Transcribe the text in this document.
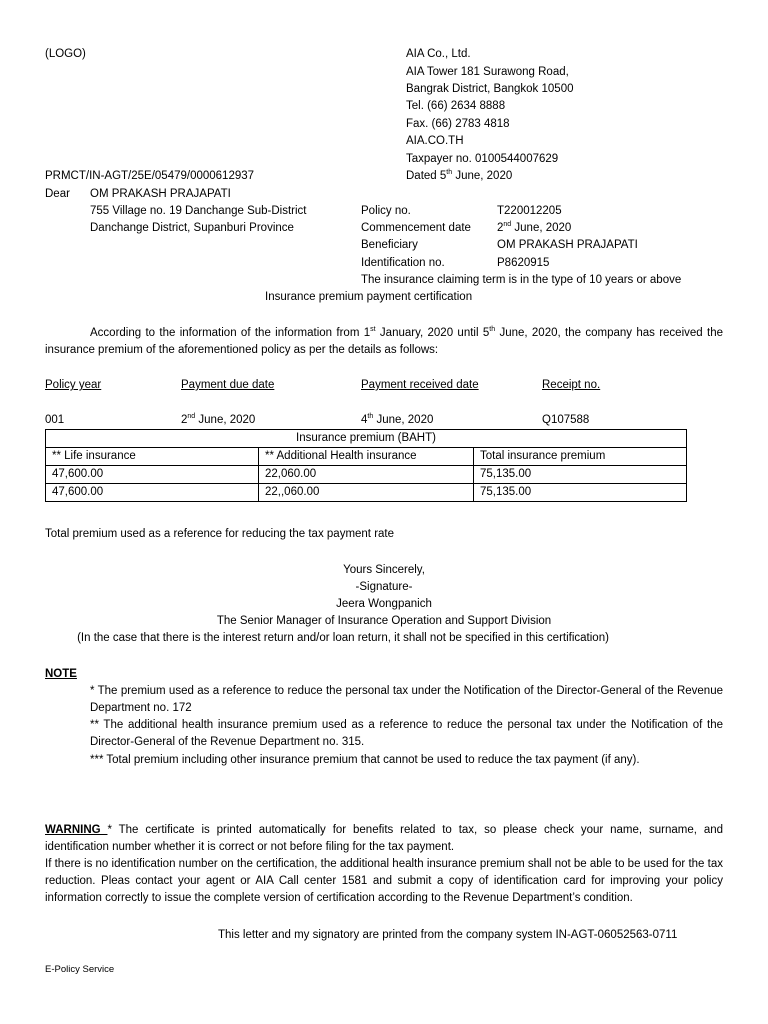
(LOGO)	AIA Co., Ltd.
AIA Tower 181 Surawong Road,
Bangrak District, Bangkok 10500
Tel. (66) 2634 8888
Fax. (66) 2783 4818
AIA.CO.TH
Taxpayer no. 0100544007629
Dated 5th June, 2020
PRMCT/IN-AGT/25E/05479/0000612937
Dear OM PRAKASH PRAJAPATI
755 Village no. 19 Danchange Sub-District
Danchange District, Supanburi Province
Policy no.	T220012205
Commencement date 2nd June, 2020
Beneficiary	OM PRAKASH PRAJAPATI
Identification no.	P8620915
The insurance claiming term is in the type of 10 years or above
Insurance premium payment certification
According to the information of the information from 1st January, 2020 until 5th June, 2020, the company has received the insurance premium of the aforementioned policy as per the details as follows:
Policy year	Payment due date	Payment received date	Receipt no.
001	2nd June, 2020	4th June, 2020	Q107588
Insurance premium (BAHT)		
** Life insurance	** Additional Health insurance	Total insurance premium
47,600.00	22,060.00	75,135.00
47,600.00	22,,060.00	75,135.00
Total premium used as a reference for reducing the tax payment rate
Yours Sincerely,
-Signature-
Jeera Wongpanich
The Senior Manager of Insurance Operation and Support Division
(In the case that there is the interest return and/or loan return, it shall not be specified in this certification)
NOTE
* The premium used as a reference to reduce the personal tax under the Notification of the Director-General of the Revenue Department no. 172
** The additional health insurance premium used as a reference to reduce the personal tax under the Notification of the Director-General of the Revenue Department no. 315.
*** Total premium including other insurance premium that cannot be used to reduce the tax payment (if any).
WARNING * The certificate is printed automatically for benefits related to tax, so please check your name, surname, and identification number whether it is correct or not before filing for the tax payment.
If there is no identification number on the certification, the additional health insurance premium shall not be able to be used for the tax reduction. Pleas contact your agent or AIA Call center 1581 and submit a copy of identification card for improving your policy information correctly to issue the complete version of certification according to the Revenue Department’s condition.
This letter and my signatory are printed from the company system IN-AGT-06052563-0711
E-Policy Service
